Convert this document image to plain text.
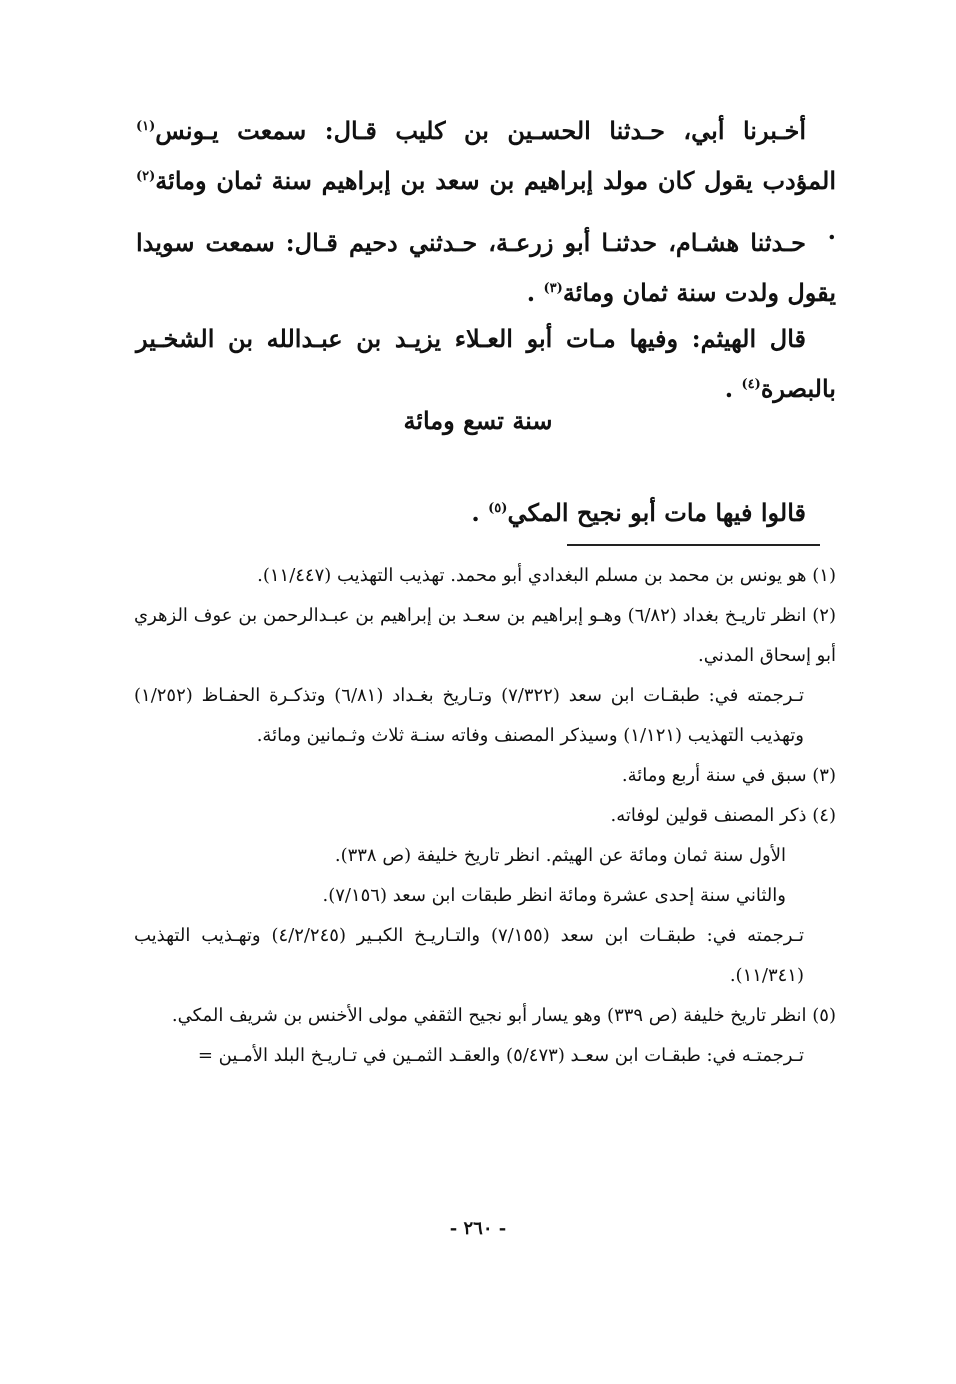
أخـبرنا أبي، حـدثنا الحسـين بن كليب قـال: سمعت يـونس$^{(١)}$ المؤدب يقول كان مولد إبراهيم بن سعد بن إبراهيم سنة ثمان ومائة$^{(٢)}$ .

حـدثنا هشـام، حدثنـا أبو زرعـة، حـدثني دحيم قـال: سمعت سويدا يقول ولدت سنة ثمان ومائة$^{(٣)}$ .

قال الهيثم: وفيها مـات أبو العـلاء يزيـد بن عبـدالله بن الشخـير بالبصرة$^{(٤)}$ .

سنة تسع ومائة

قالوا فيها مات أبو نجيح المكي$^{(٥)}$ .

(١) هو يونس بن محمد بن مسلم البغدادي أبو محمد. تهذيب التهذيب (١١/٤٤٧).
(٢) انظر تاريـخ بغداد (٦/٨٢) وهـو إبراهيم بن سعـد بن إبراهيم بن عبـدالرحمن بن عوف الزهري أبو إسحاق المدني.
تـرجمته في: طبقـات ابن سعد (٧/٣٢٢) وتـاريخ بغـداد (٦/٨١) وتذكـرة الحفـاظ (١/٢٥٢) وتهذيب التهذيب (١/١٢١) وسيذكر المصنف وفاته سنـة ثلاث وثـمانين ومائة.
(٣) سبق في سنة أربع ومائة.
(٤) ذكر المصنف قولين لوفاته.
الأول سنة ثمان ومائة عن الهيثم. انظر تاريخ خليفة (ص ٣٣٨).
والثاني سنة إحدى عشرة ومائة انظر طبقات ابن سعد (٧/١٥٦).
تـرجمته في: طبقـات ابن سعد (٧/١٥٥) والتـاريـخ الكبـير (٤/٢/٢٤٥) وتهـذيب التهذيب (١١/٣٤١).
(٥) انظر تاريخ خليفة (ص ٣٣٩) وهو يسار أبو نجيح الثقفي مولى الأخنس بن شريف المكي.
تـرجمتـه في: طبقـات ابن سعـد (٥/٤٧٣) والعقـد الثمـين في تـاريـخ البلد الأمـين =
- ٢٦٠ -
